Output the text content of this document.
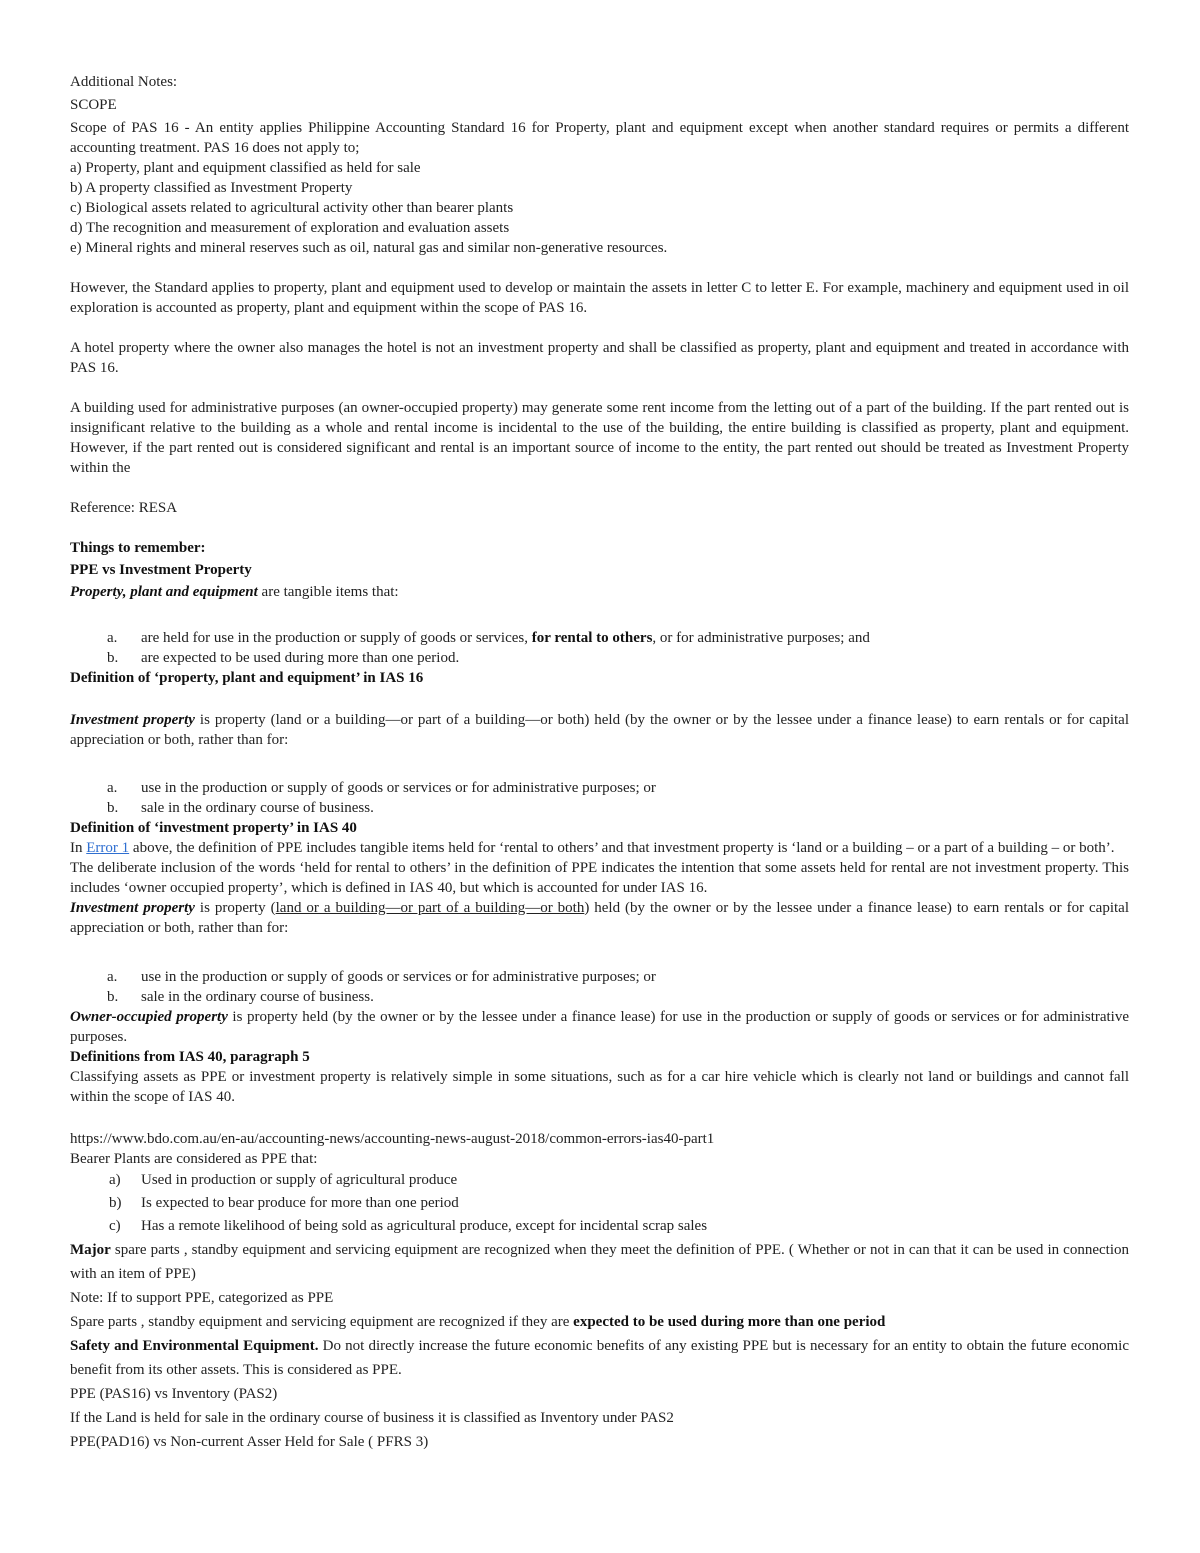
Additional Notes:

SCOPE

Scope of PAS 16 - An entity applies Philippine Accounting Standard 16 for Property, plant and equipment except when another standard requires or permits a different accounting treatment. PAS 16 does not apply to;

a) Property, plant and equipment classified as held for sale

b) A property classified as Investment Property

c) Biological assets related to agricultural activity other than bearer plants

d) The recognition and measurement of exploration and evaluation assets

e) Mineral rights and mineral reserves such as oil, natural gas and similar non-generative resources.

However, the Standard applies to property, plant and equipment used to develop or maintain the assets in letter C to letter E. For example, machinery and equipment used in oil exploration is accounted as property, plant and equipment within the scope of PAS 16.

A hotel property where the owner also manages the hotel is not an investment property and shall be classified as property, plant and equipment and treated in accordance with PAS 16.

A building used for administrative purposes (an owner-occupied property) may generate some rent income from the letting out of a part of the building. If the part rented out is insignificant relative to the building as a whole and rental income is incidental to the use of the building, the entire building is classified as property, plant and equipment. However, if the part rented out is considered significant and rental is an important source of income to the entity, the part rented out should be treated as Investment Property within the

Reference: RESA

Things to remember:

PPE vs Investment Property

Property, plant and equipment are tangible items that:

a. are held for use in the production or supply of goods or services, for rental to others, or for administrative purposes; and
b. are expected to be used during more than one period.

Definition of ‘property, plant and equipment’ in IAS 16

Investment property is property (land or a building—or part of a building—or both) held (by the owner or by the lessee under a finance lease) to earn rentals or for capital appreciation or both, rather than for:

a. use in the production or supply of goods or services or for administrative purposes; or
b. sale in the ordinary course of business.

Definition of ‘investment property’ in IAS 40

In Error 1 above, the definition of PPE includes tangible items held for ‘rental to others’ and that investment property is ‘land or a building – or a part of a building – or both’.

The deliberate inclusion of the words ‘held for rental to others’ in the definition of PPE indicates the intention that some assets held for rental are not investment property. This includes ‘owner occupied property’, which is defined in IAS 40, but which is accounted for under IAS 16.

Investment property is property (land or a building—or part of a building—or both) held (by the owner or by the lessee under a finance lease) to earn rentals or for capital appreciation or both, rather than for:

a. use in the production or supply of goods or services or for administrative purposes; or
b. sale in the ordinary course of business.

Owner-occupied property is property held (by the owner or by the lessee under a finance lease) for use in the production or supply of goods or services or for administrative purposes.

Definitions from IAS 40, paragraph 5

Classifying assets as PPE or investment property is relatively simple in some situations, such as for a car hire vehicle which is clearly not land or buildings and cannot fall within the scope of IAS 40.

https://www.bdo.com.au/en-au/accounting-news/accounting-news-august-2018/common-errors-ias40-part1

Bearer Plants are considered as PPE that:

a) Used in production or supply of agricultural produce
b) Is expected to bear produce for more than one period
c) Has a remote likelihood of being sold as agricultural produce, except for incidental scrap sales

Major spare parts , standby equipment and servicing equipment are recognized when they meet the definition of PPE. ( Whether or not in can that it can be used in connection with an item of PPE)

Note: If to support PPE, categorized as PPE

Spare parts , standby equipment and servicing equipment are recognized if they are expected to be used during more than one period

Safety and Environmental Equipment. Do not directly increase the future economic benefits of any existing PPE but is necessary for an entity to obtain the future economic benefit from its other assets. This is considered as PPE.

PPE (PAS16) vs Inventory (PAS2)

If the Land is held for sale in the ordinary course of business it is classified as Inventory under PAS2

PPE(PAD16) vs Non-current Asser Held for Sale ( PFRS 3)
